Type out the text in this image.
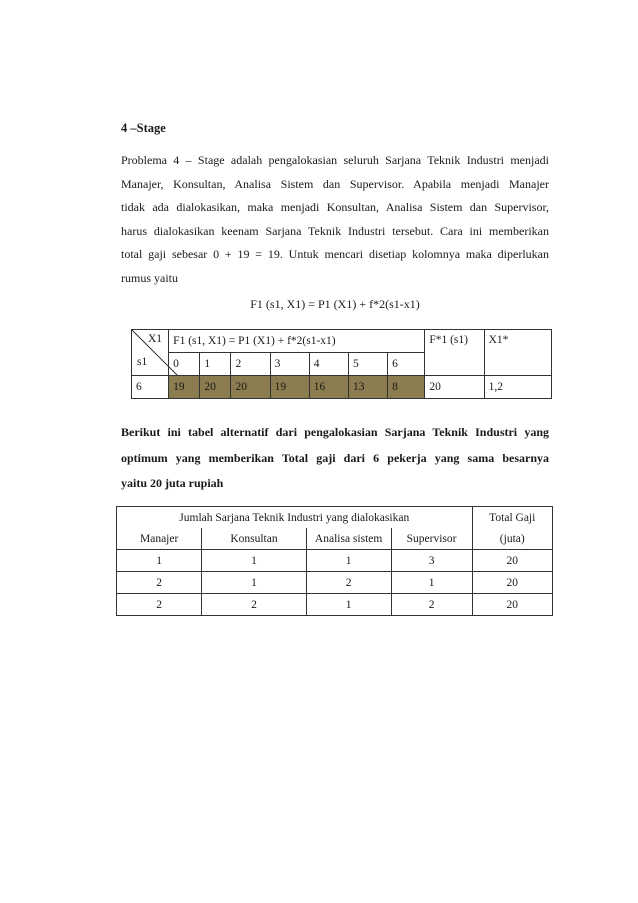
4 –Stage

Problema 4 – Stage adalah pengalokasian seluruh Sarjana Teknik Industri menjadi
Manajer, Konsultan, Analisa Sistem dan Supervisor. Apabila menjadi Manajer
tidak ada dialokasikan, maka menjadi Konsultan, Analisa Sistem dan Supervisor,
harus dialokasikan keenam Sarjana Teknik Industri tersebut. Cara ini memberikan
total gaji sebesar 0 + 19 = 19. Untuk mencari disetiap kolomnya maka diperlukan
rumus yaitu

F1 (s1, X1) = P1 (X1) + f*2(s1-x1)
X1
s1	F1 (s1, X1) = P1 (X1) + f*2(s1-x1)							F*1 (s1)	X1*
	0	1	2	3	4	5	6		
6	19	20	20	19	16	13	8	20	1,2

Berikut ini tabel alternatif dari pengalokasian Sarjana Teknik Industri yang
optimum yang memberikan Total gaji dari 6 pekerja yang sama besarnya
yaitu 20 juta rupiah

Jumlah Sarjana Teknik Industri yang dialokasikan				Total Gaji
Manajer	Konsultan	Analisa sistem	Supervisor	(juta)
1	1	1	3	20
2	1	2	1	20
2	2	1	2	20
